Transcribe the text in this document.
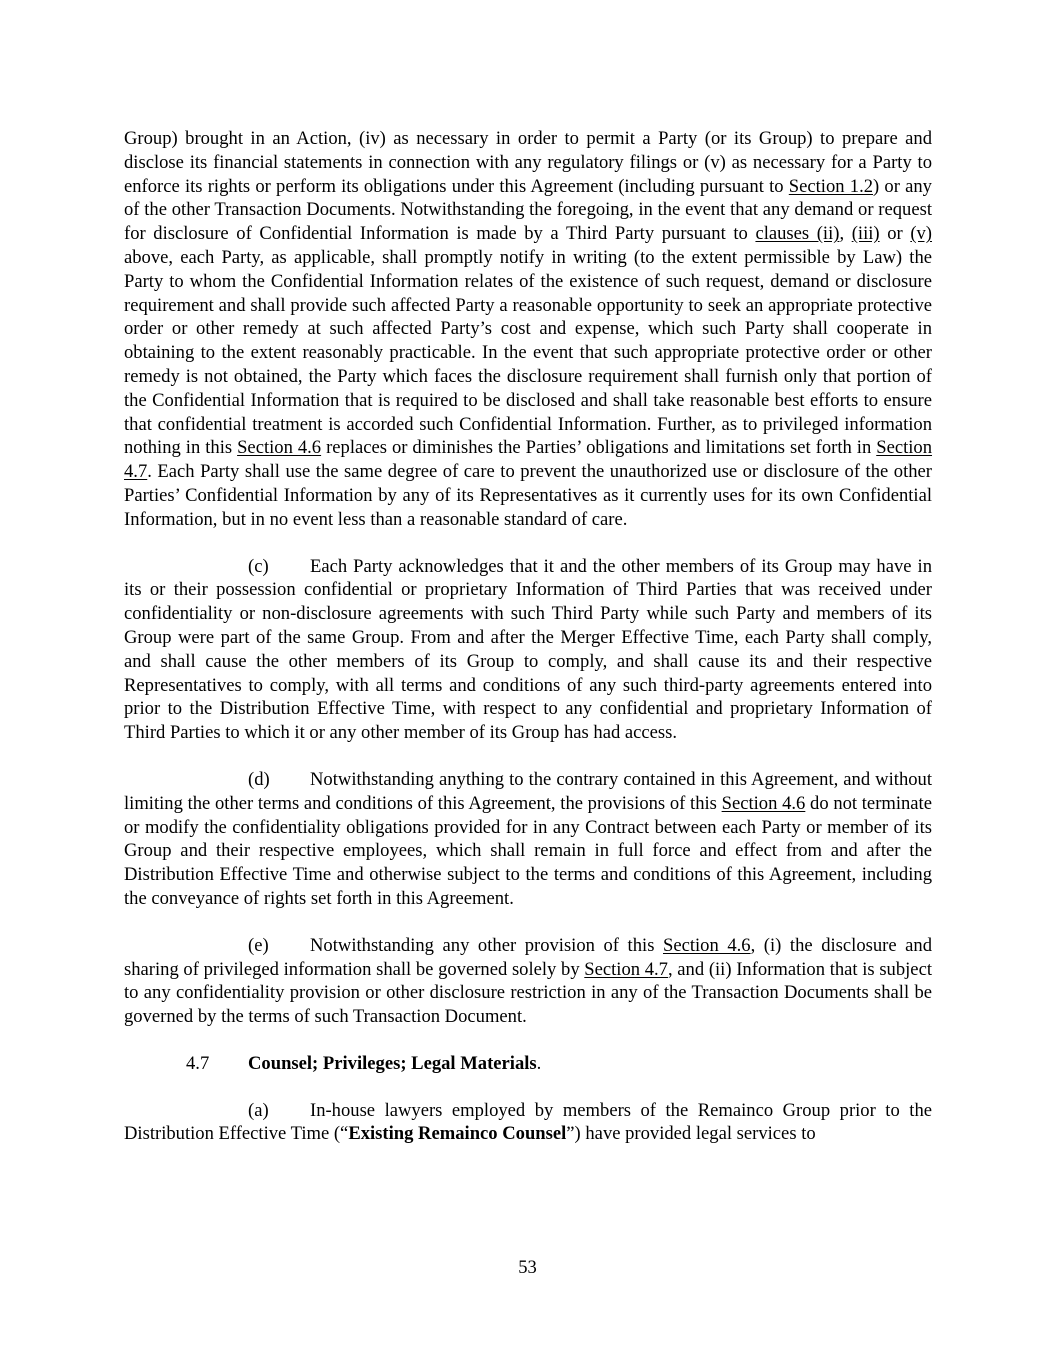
Group) brought in an Action, (iv) as necessary in order to permit a Party (or its Group) to prepare and disclose its financial statements in connection with any regulatory filings or (v) as necessary for a Party to enforce its rights or perform its obligations under this Agreement (including pursuant to Section 1.2) or any of the other Transaction Documents. Notwithstanding the foregoing, in the event that any demand or request for disclosure of Confidential Information is made by a Third Party pursuant to clauses (ii), (iii) or (v) above, each Party, as applicable, shall promptly notify in writing (to the extent permissible by Law) the Party to whom the Confidential Information relates of the existence of such request, demand or disclosure requirement and shall provide such affected Party a reasonable opportunity to seek an appropriate protective order or other remedy at such affected Party’s cost and expense, which such Party shall cooperate in obtaining to the extent reasonably practicable. In the event that such appropriate protective order or other remedy is not obtained, the Party which faces the disclosure requirement shall furnish only that portion of the Confidential Information that is required to be disclosed and shall take reasonable best efforts to ensure that confidential treatment is accorded such Confidential Information. Further, as to privileged information nothing in this Section 4.6 replaces or diminishes the Parties’ obligations and limitations set forth in Section 4.7. Each Party shall use the same degree of care to prevent the unauthorized use or disclosure of the other Parties’ Confidential Information by any of its Representatives as it currently uses for its own Confidential Information, but in no event less than a reasonable standard of care.

(c) Each Party acknowledges that it and the other members of its Group may have in its or their possession confidential or proprietary Information of Third Parties that was received under confidentiality or non-disclosure agreements with such Third Party while such Party and members of its Group were part of the same Group. From and after the Merger Effective Time, each Party shall comply, and shall cause the other members of its Group to comply, and shall cause its and their respective Representatives to comply, with all terms and conditions of any such third-party agreements entered into prior to the Distribution Effective Time, with respect to any confidential and proprietary Information of Third Parties to which it or any other member of its Group has had access.

(d) Notwithstanding anything to the contrary contained in this Agreement, and without limiting the other terms and conditions of this Agreement, the provisions of this Section 4.6 do not terminate or modify the confidentiality obligations provided for in any Contract between each Party or member of its Group and their respective employees, which shall remain in full force and effect from and after the Distribution Effective Time and otherwise subject to the terms and conditions of this Agreement, including the conveyance of rights set forth in this Agreement.

(e) Notwithstanding any other provision of this Section 4.6, (i) the disclosure and sharing of privileged information shall be governed solely by Section 4.7, and (ii) Information that is subject to any confidentiality provision or other disclosure restriction in any of the Transaction Documents shall be governed by the terms of such Transaction Document.

4.7 Counsel; Privileges; Legal Materials.

(a) In-house lawyers employed by members of the Remainco Group prior to the Distribution Effective Time (“Existing Remainco Counsel”) have provided legal services to

53
